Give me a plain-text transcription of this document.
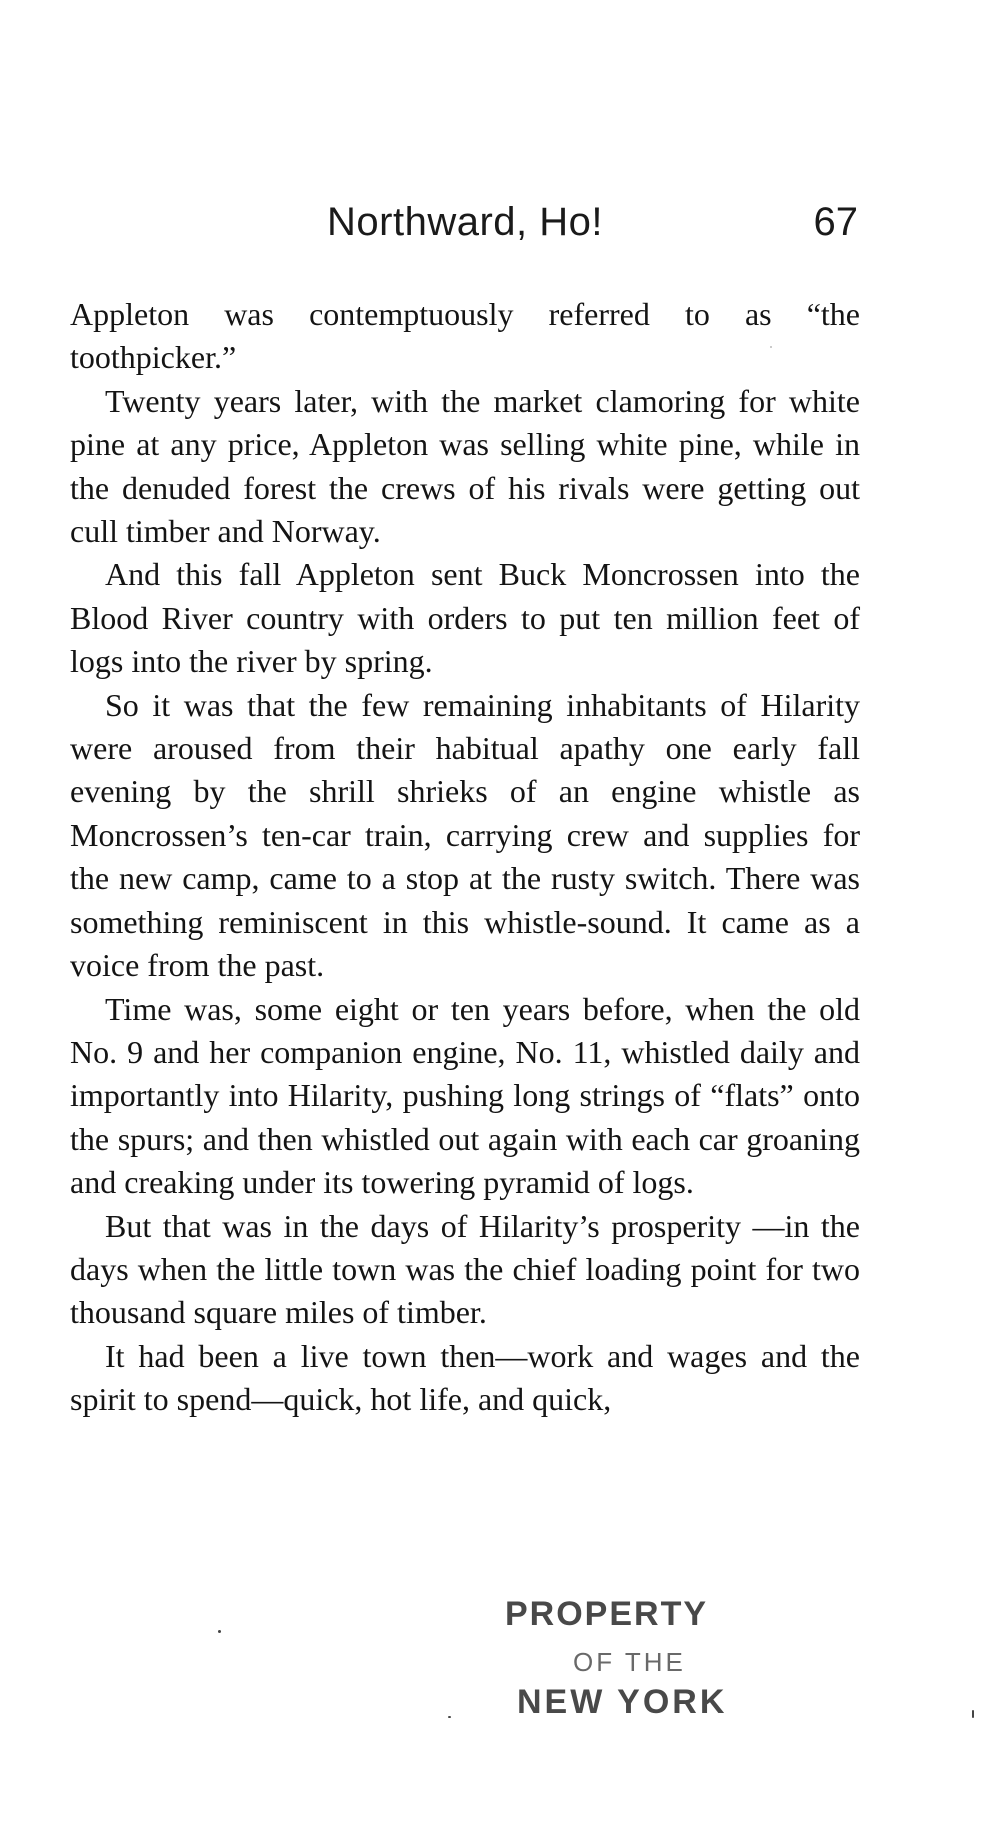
Northward, Ho!	67

Appleton was contemptuously referred to as “the toothpicker.”

Twenty years later, with the market clamoring for white pine at any price, Appleton was selling white pine, while in the denuded forest the crews of his rivals were getting out cull timber and Norway.

And this fall Appleton sent Buck Moncrossen into the Blood River country with orders to put ten million feet of logs into the river by spring.

So it was that the few remaining inhabitants of Hilarity were aroused from their habitual apathy one early fall evening by the shrill shrieks of an engine whistle as Moncrossen’s ten-car train, carrying crew and supplies for the new camp, came to a stop at the rusty switch. There was something reminiscent in this whistle-sound. It came as a voice from the past.

Time was, some eight or ten years before, when the old No. 9 and her companion engine, No. 11, whistled daily and importantly into Hilarity, pushing long strings of “flats” onto the spurs; and then whistled out again with each car groaning and creaking under its towering pyramid of logs.

But that was in the days of Hilarity’s prosperity —in the days when the little town was the chief loading point for two thousand square miles of timber.

It had been a live town then—work and wages and the spirit to spend—quick, hot life, and quick,

PROPERTY
OF THE
NEW YORK
